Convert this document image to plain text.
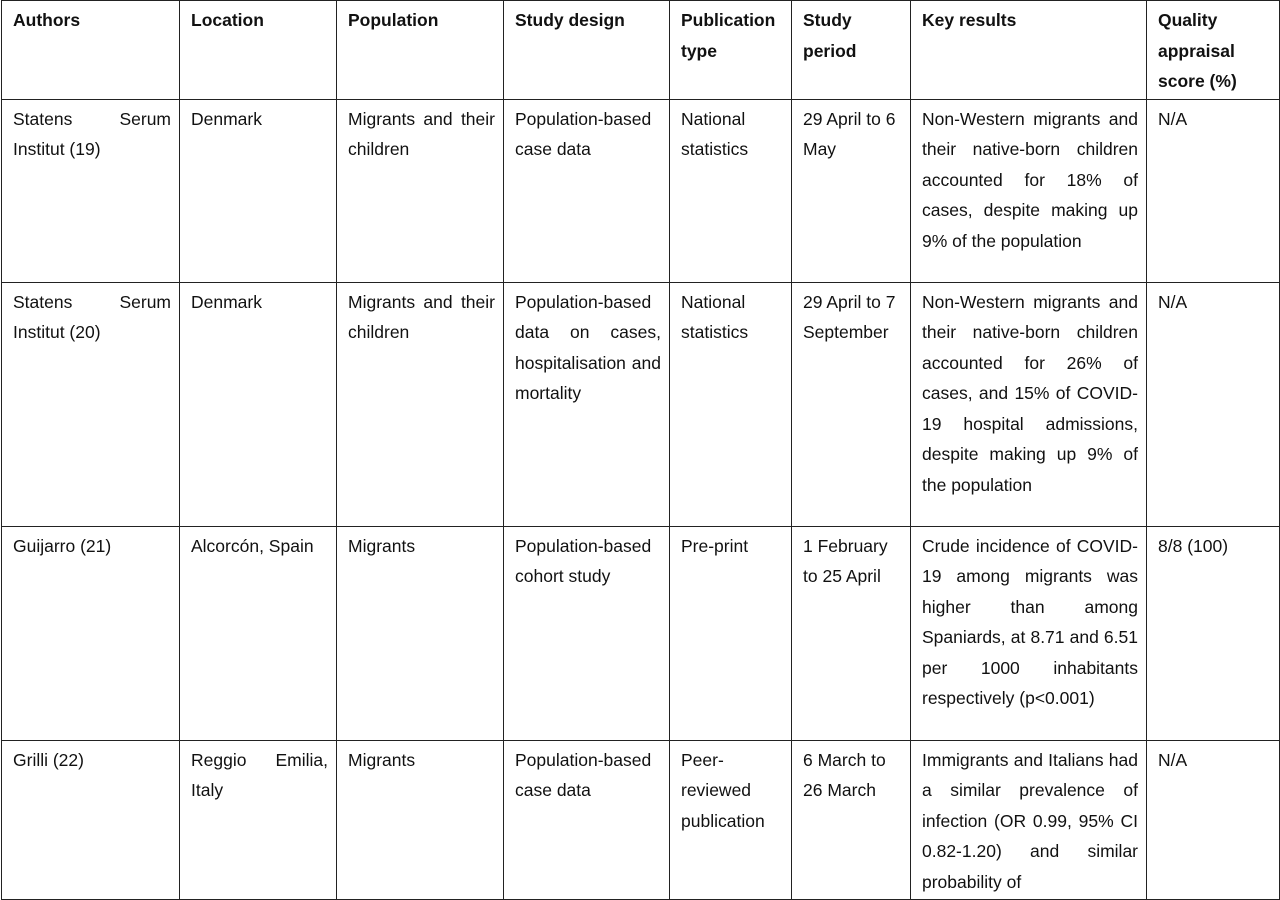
Authors	Location	Population	Study design	Publication type	Study period	Key results	Quality appraisal score (%)
Statens Serum Institut (19)	Denmark	Migrants and their children	Population-based case data	National statistics	29 April to 6 May	Non-Western migrants and their native-born children accounted for 18% of cases, despite making up 9% of the population	N/A
Statens Serum Institut (20)	Denmark	Migrants and their children	Population-based data on cases, hospitalisation and mortality	National statistics	29 April to 7 September	Non-Western migrants and their native-born children accounted for 26% of cases, and 15% of COVID-19 hospital admissions, despite making up 9% of the population	N/A
Guijarro (21)	Alcorcón, Spain	Migrants	Population-based cohort study	Pre-print	1 February to 25 April	Crude incidence of COVID-19 among migrants was higher than among Spaniards, at 8.71 and 6.51 per 1000 inhabitants respectively (p<0.001)	8/8 (100)

Grilli (22)	Reggio Emilia, Italy	Migrants	Population-based case data	Peer-reviewed publication	6 March to 26 March	Immigrants and Italians had a similar prevalence of infection (OR 0.99, 95% CI 0.82-1.20) and similar probability of	N/A
